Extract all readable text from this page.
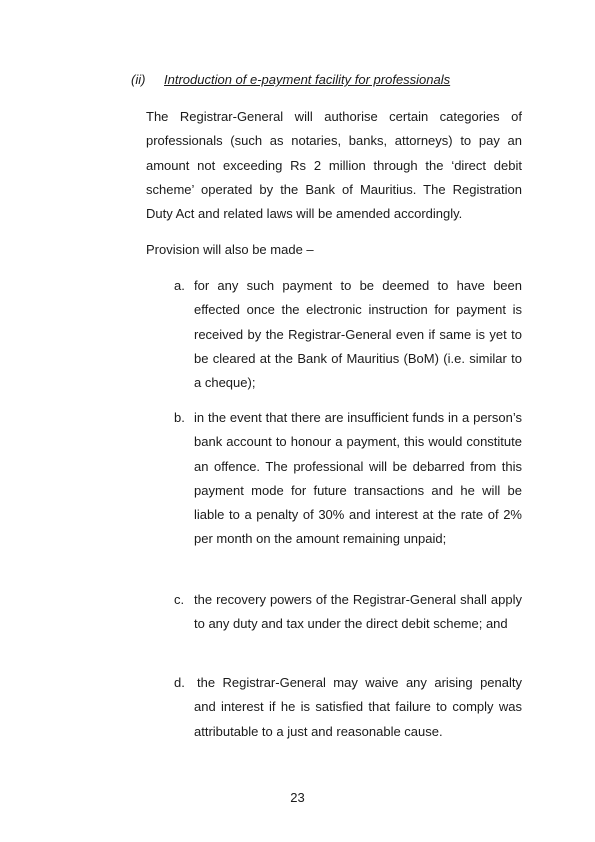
(ii) Introduction of e-payment facility for professionals

The Registrar-General will authorise certain categories of professionals (such as notaries, banks, attorneys) to pay an amount not exceeding Rs 2 million through the ‘direct debit scheme’ operated by the Bank of Mauritius. The Registration Duty Act and related laws will be amended accordingly.

Provision will also be made –

a. for any such payment to be deemed to have been effected once the electronic instruction for payment is received by the Registrar-General even if same is yet to be cleared at the Bank of Mauritius (BoM) (i.e. similar to a cheque);
b. in the event that there are insufficient funds in a person’s bank account to honour a payment, this would constitute an offence. The professional will be debarred from this payment mode for future transactions and he will be liable to a penalty of 30% and interest at the rate of 2% per month on the amount remaining unpaid;
c. the recovery powers of the Registrar-General shall apply to any duty and tax under the direct debit scheme; and
d. the Registrar-General may waive any arising penalty and interest if he is satisfied that failure to comply was attributable to a just and reasonable cause.
23
